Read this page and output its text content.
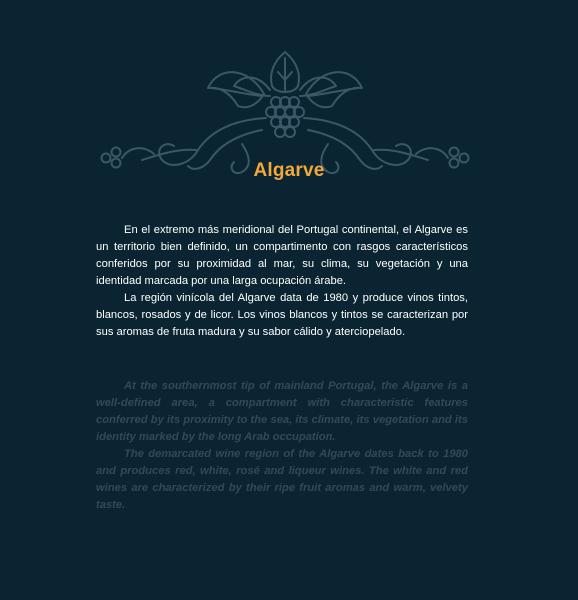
Algarve

En el extremo más meridional del Portugal continental, el Algarve es un territorio bien definido, un compartimento con rasgos característicos conferidos por su proximidad al mar, su clima, su vegetación y una identidad marcada por una larga ocupación árabe.

La región vinícola del Algarve data de 1980 y produce vinos tintos, blancos, rosados y de licor. Los vinos blancos y tintos se caracterizan por sus aromas de fruta madura y su sabor cálido y aterciopelado.

At the southernmost tip of mainland Portugal, the Algarve is a well-defined area, a compartment with characteristic features conferred by its proximity to the sea, its climate, its vegetation and its identity marked by the long Arab occupation.

The demarcated wine region of the Algarve dates back to 1980 and produces red, white, rosé and liqueur wines. The white and red wines are characterized by their ripe fruit aromas and warm, velvety taste.
